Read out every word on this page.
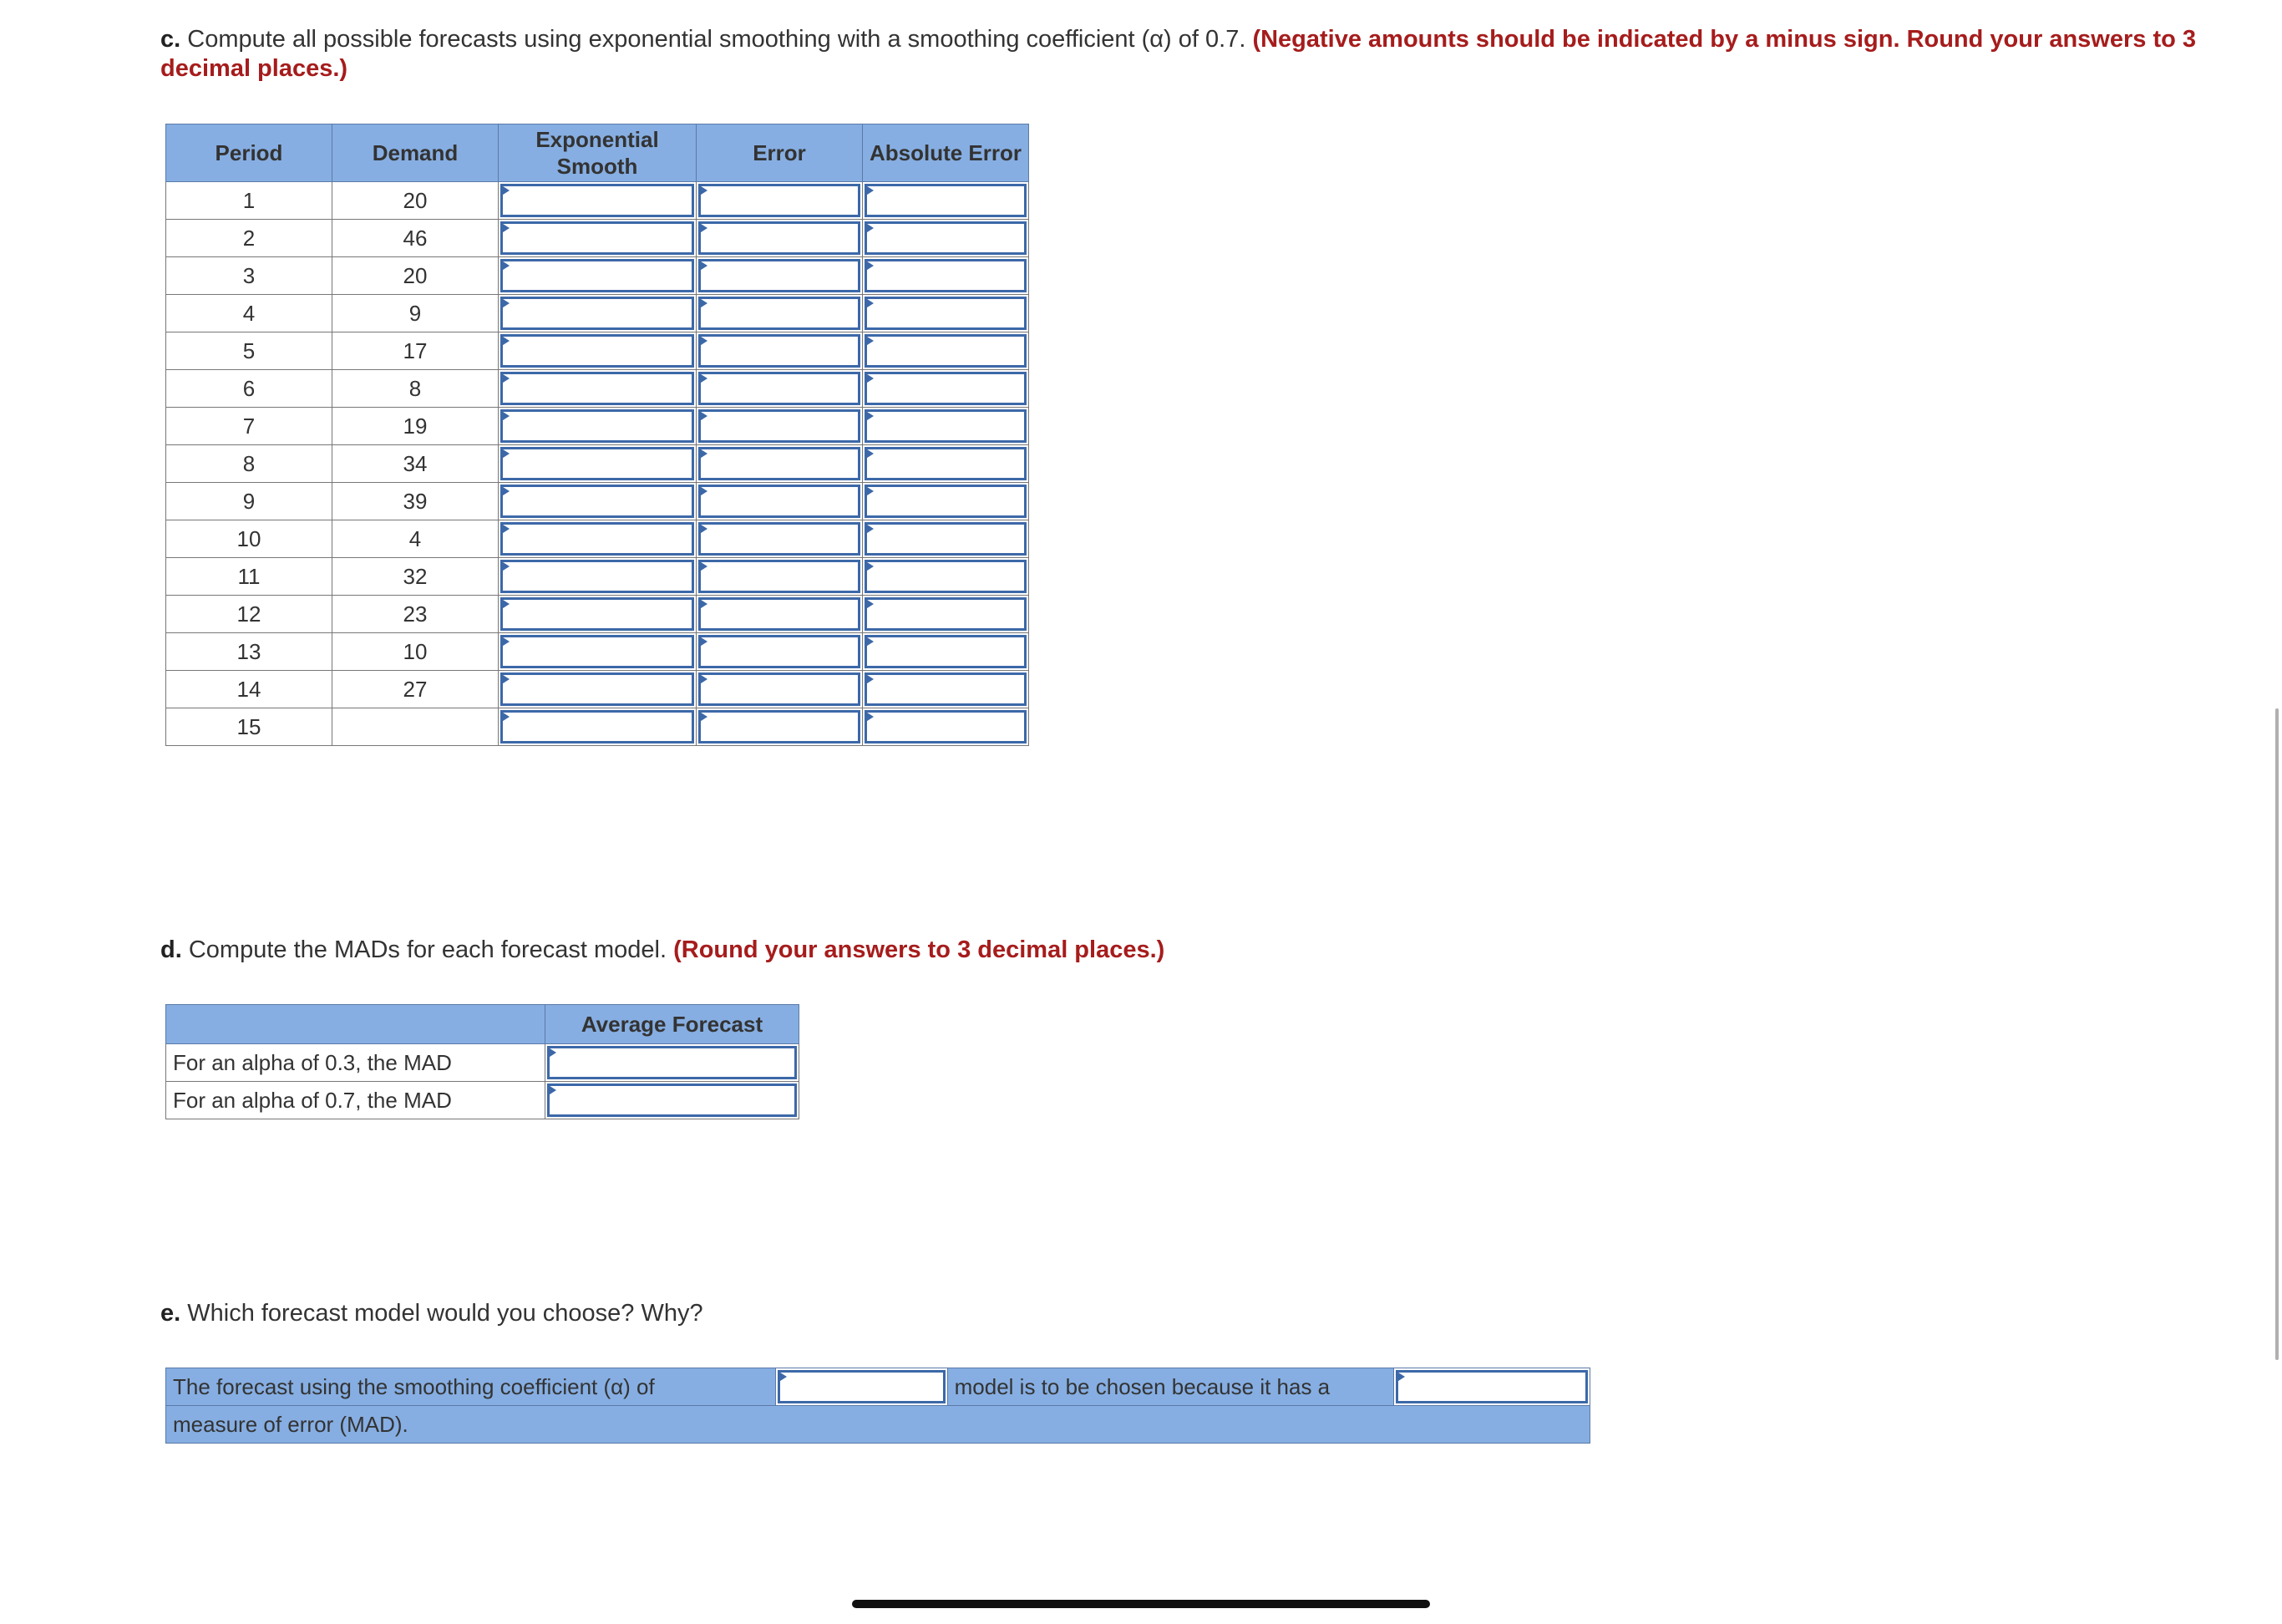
c. Compute all possible forecasts using exponential smoothing with a smoothing coefficient (α) of 0.7. (Negative amounts should be indicated by a minus sign. Round your answers to 3 decimal places.)
Period	Demand	Exponential Smooth	Error	Absolute Error
1	20	

2	46	

3	20	

4	9	

5	17	

6	8	

7	19	

8	34	

9	39	

10	4	

11	32	

12	23	

13	10	

14	27	

15		

d. Compute the MADs for each forecast model. (Round your answers to 3 decimal places.)
	Average Forecast
For an alpha of 0.3, the MAD	

For an alpha of 0.7, the MAD	
e. Which forecast model would you choose? Why?
The forecast using the smoothing coefficient (α) of		model is to be chosen because it has a	

measure of error (MAD).
